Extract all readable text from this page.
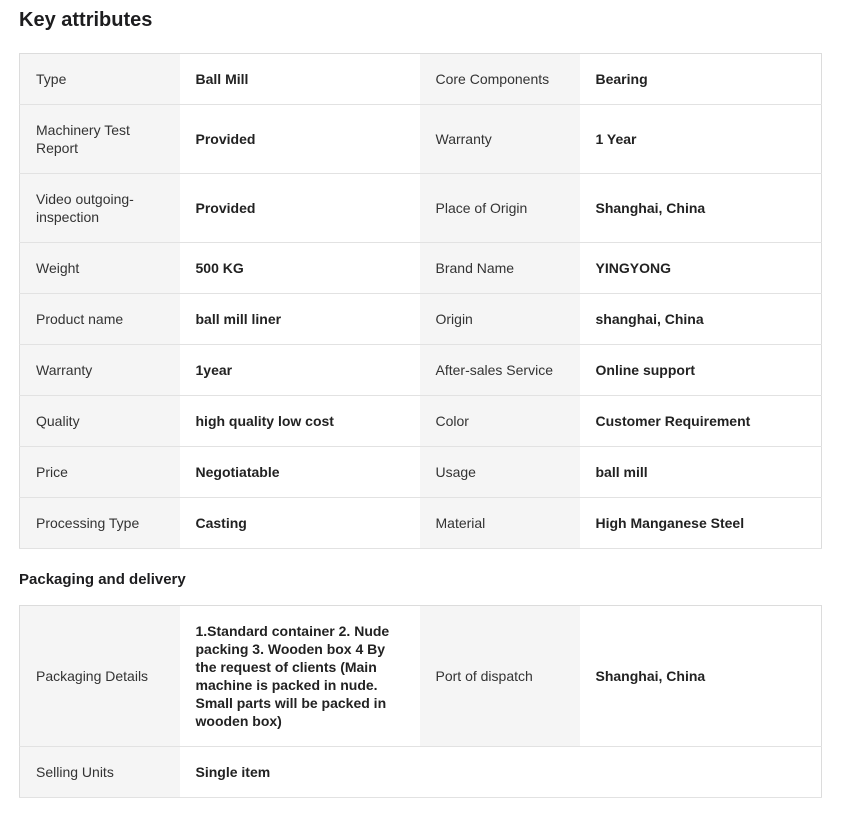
Key attributes
Type	Ball Mill	Core Components	Bearing
Machinery Test Report	Provided	Warranty	1 Year
Video outgoing-inspection	Provided	Place of Origin	Shanghai, China
Weight	500 KG	Brand Name	YINGYONG
Product name	ball mill liner	Origin	shanghai, China
Warranty	1year	After-sales Service	Online support
Quality	high quality low cost	Color	Customer Requirement
Price	Negotiatable	Usage	ball mill
Processing Type	Casting	Material	High Manganese Steel
Packaging and delivery
Packaging Details	1.Standard container 2. Nude packing 3. Wooden box 4 By the request of clients (Main machine is packed in nude. Small parts will be packed in wooden box)	Port of dispatch	Shanghai, China
Selling Units	Single item		
